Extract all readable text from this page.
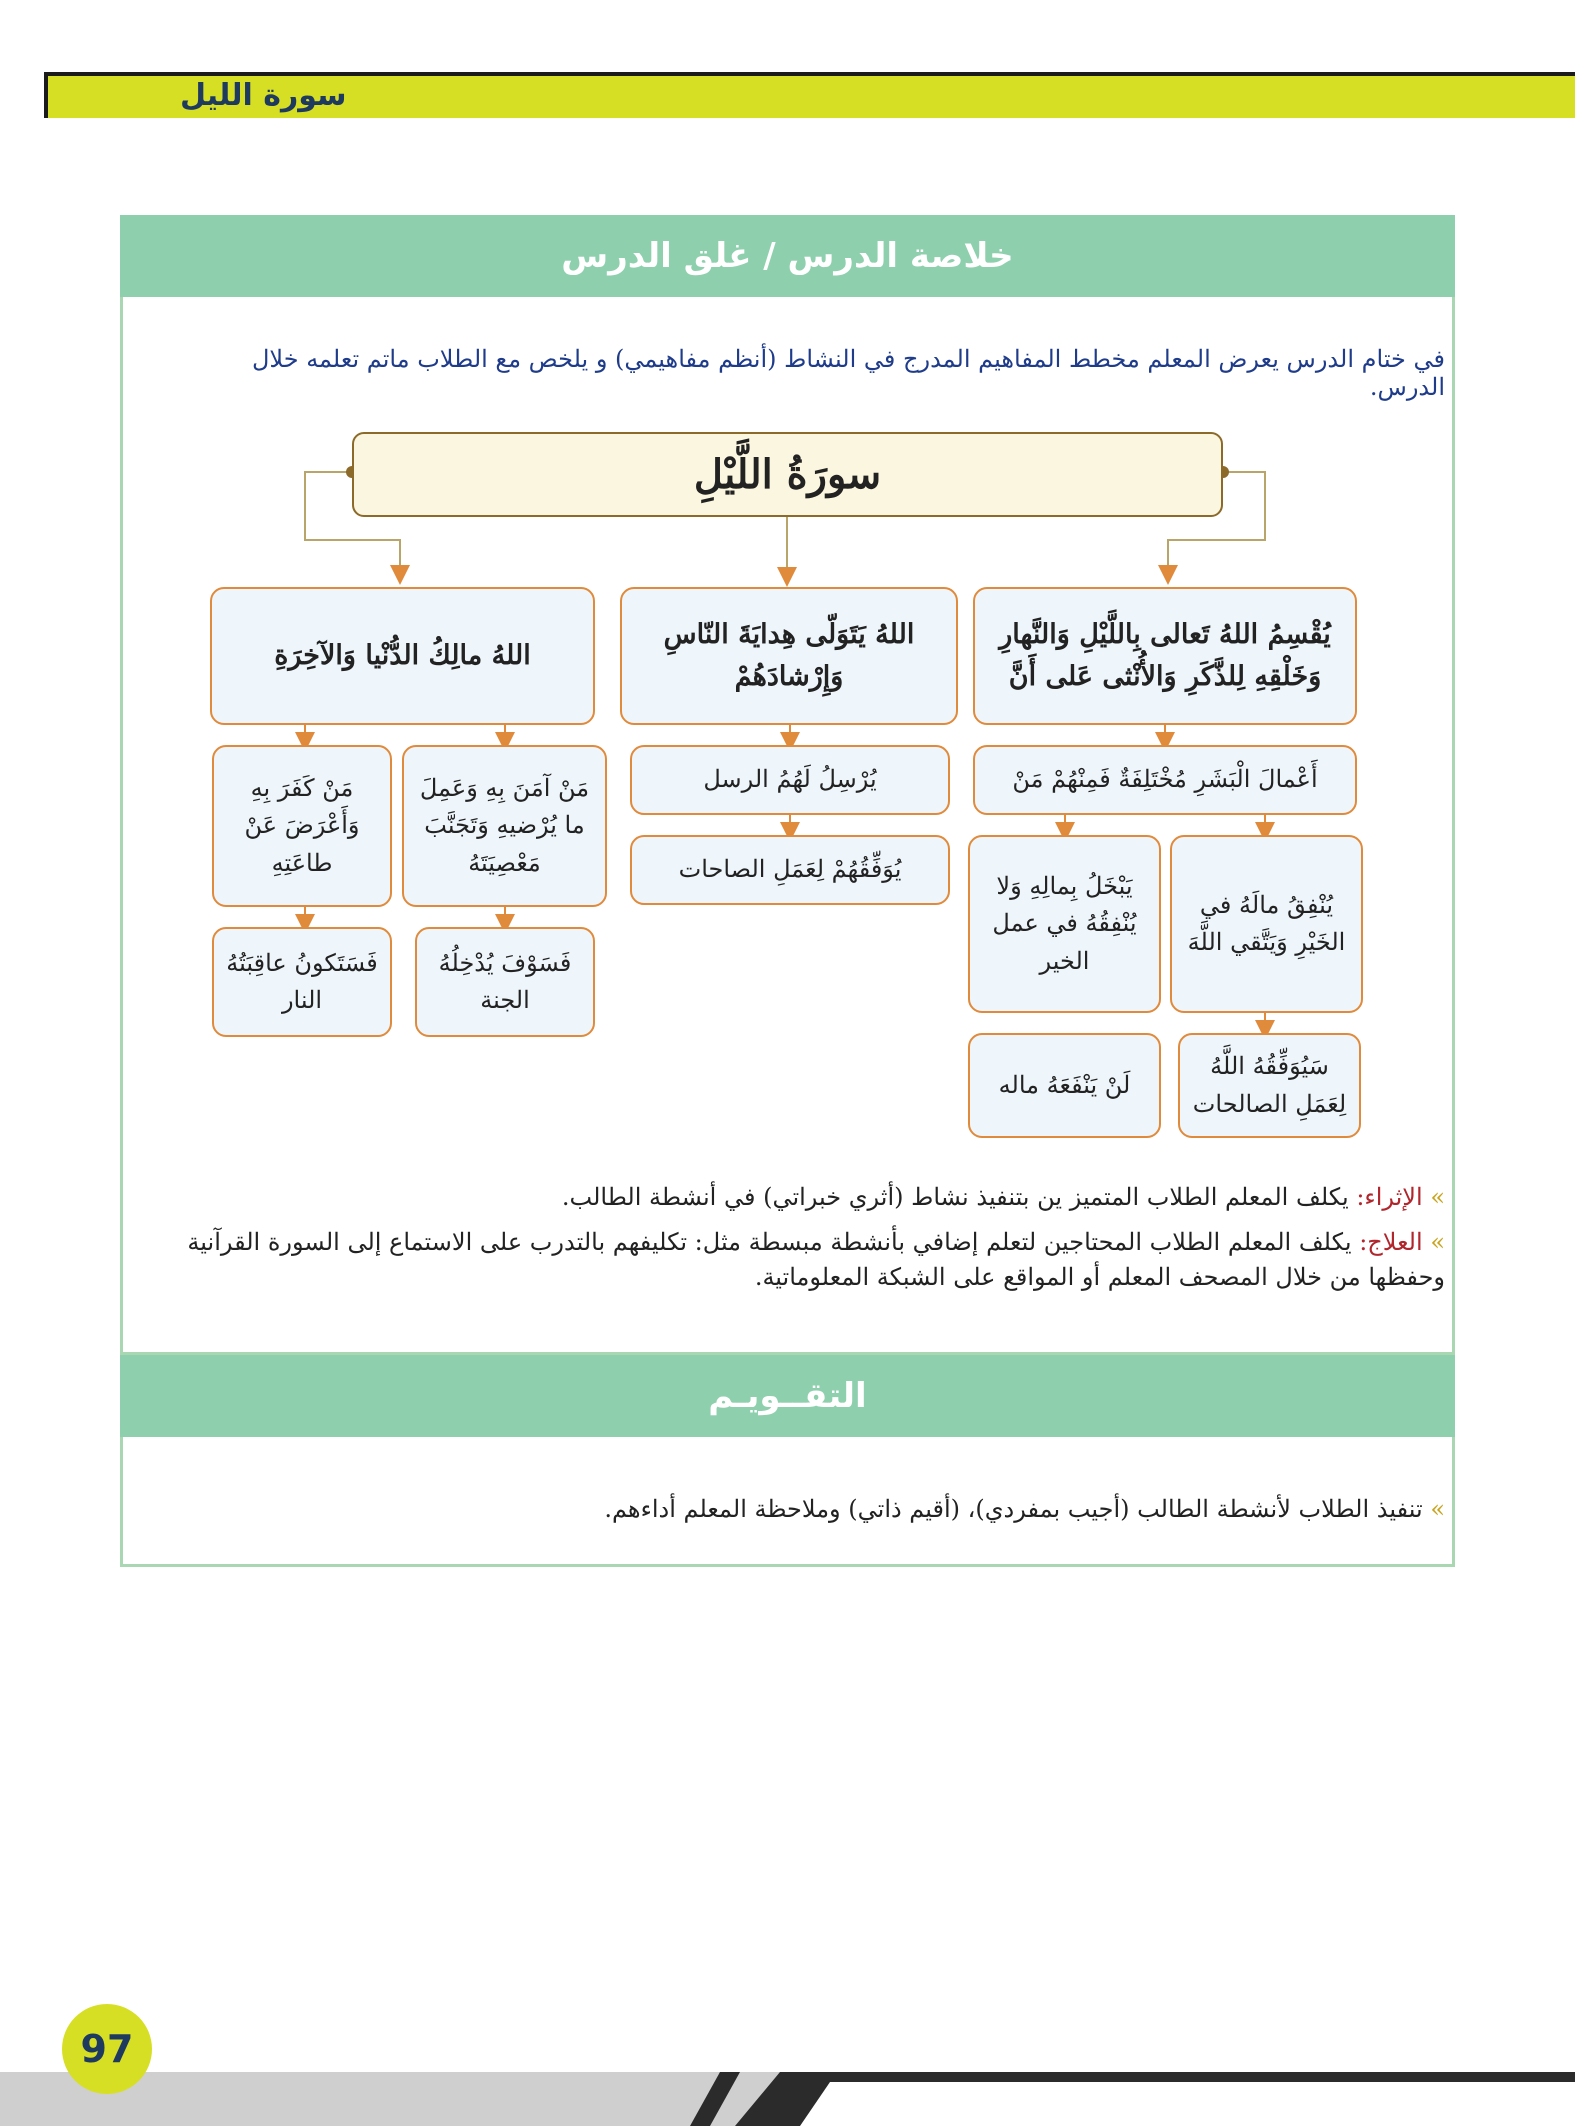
سورة الليل
خلاصة الدرس / غلق الدرس
في ختام الدرس يعرض المعلم مخطط المفاهيم المدرج في النشاط (أنظم مفاهيمي) و يلخص مع الطلاب ماتم تعلمه خلال الدرس.
سورَةُ اللَّيْلِ
يُقْسِمُ اللهُ تَعالى بِاللَّيْلِ وَالنَّهارِ وَخَلْقِهِ لِلذَّكَرِ وَالأُنْثى عَلى أَنَّ
اللهُ يَتَوَلّى هِدايَةَ النّاسِ وَإِرْشادَهُمْ
اللهُ مالِكُ الدُّنْيا وَالآخِرَةِ
أَعْمالَ الْبَشَرِ مُخْتَلِفَةٌ فَمِنْهُمْ مَنْ
يُنْفِقُ مالَهُ في الخَيْرِ وَيَتَّقي اللَّهَ
يَبْخَلُ بِمالِهِ وَلا يُنْفِقُهُ في عمل الخير
سَيُوَفِّقُهُ اللَّهُ لِعَمَلِ الصالحات
لَنْ يَنْفَعَهُ ماله
يُرْسِلُ لَهُمُ الرسل
يُوَفِّقُهُمْ لِعَمَلِ الصاحات
مَنْ آمَنَ بِهِ وَعَمِلَ ما يُرْضيهِ وَتَجَنَّبَ مَعْصِيَتَهُ
مَنْ كَفَرَ بِهِ وَأَعْرَضَ عَنْ طاعَتِهِ
فَسَوْفَ يُدْخِلُهُ الجنة
فَسَتَكونُ عاقِبَتُهُ النار
» الإثراء: يكلف المعلم الطلاب المتميز ين بتنفيذ نشاط (أثري خبراتي) في أنشطة الطالب.
» العلاج: يكلف المعلم الطلاب المحتاجين لتعلم إضافي بأنشطة مبسطة مثل: تكليفهم بالتدرب على الاستماع إلى السورة القرآنية وحفظها من خلال المصحف المعلم أو المواقع على الشبكة المعلوماتية.
التقــويـم
» تنفيذ الطلاب لأنشطة الطالب (أجيب بمفردي)، (أقيم ذاتي) وملاحظة المعلم أداءهم.
97
